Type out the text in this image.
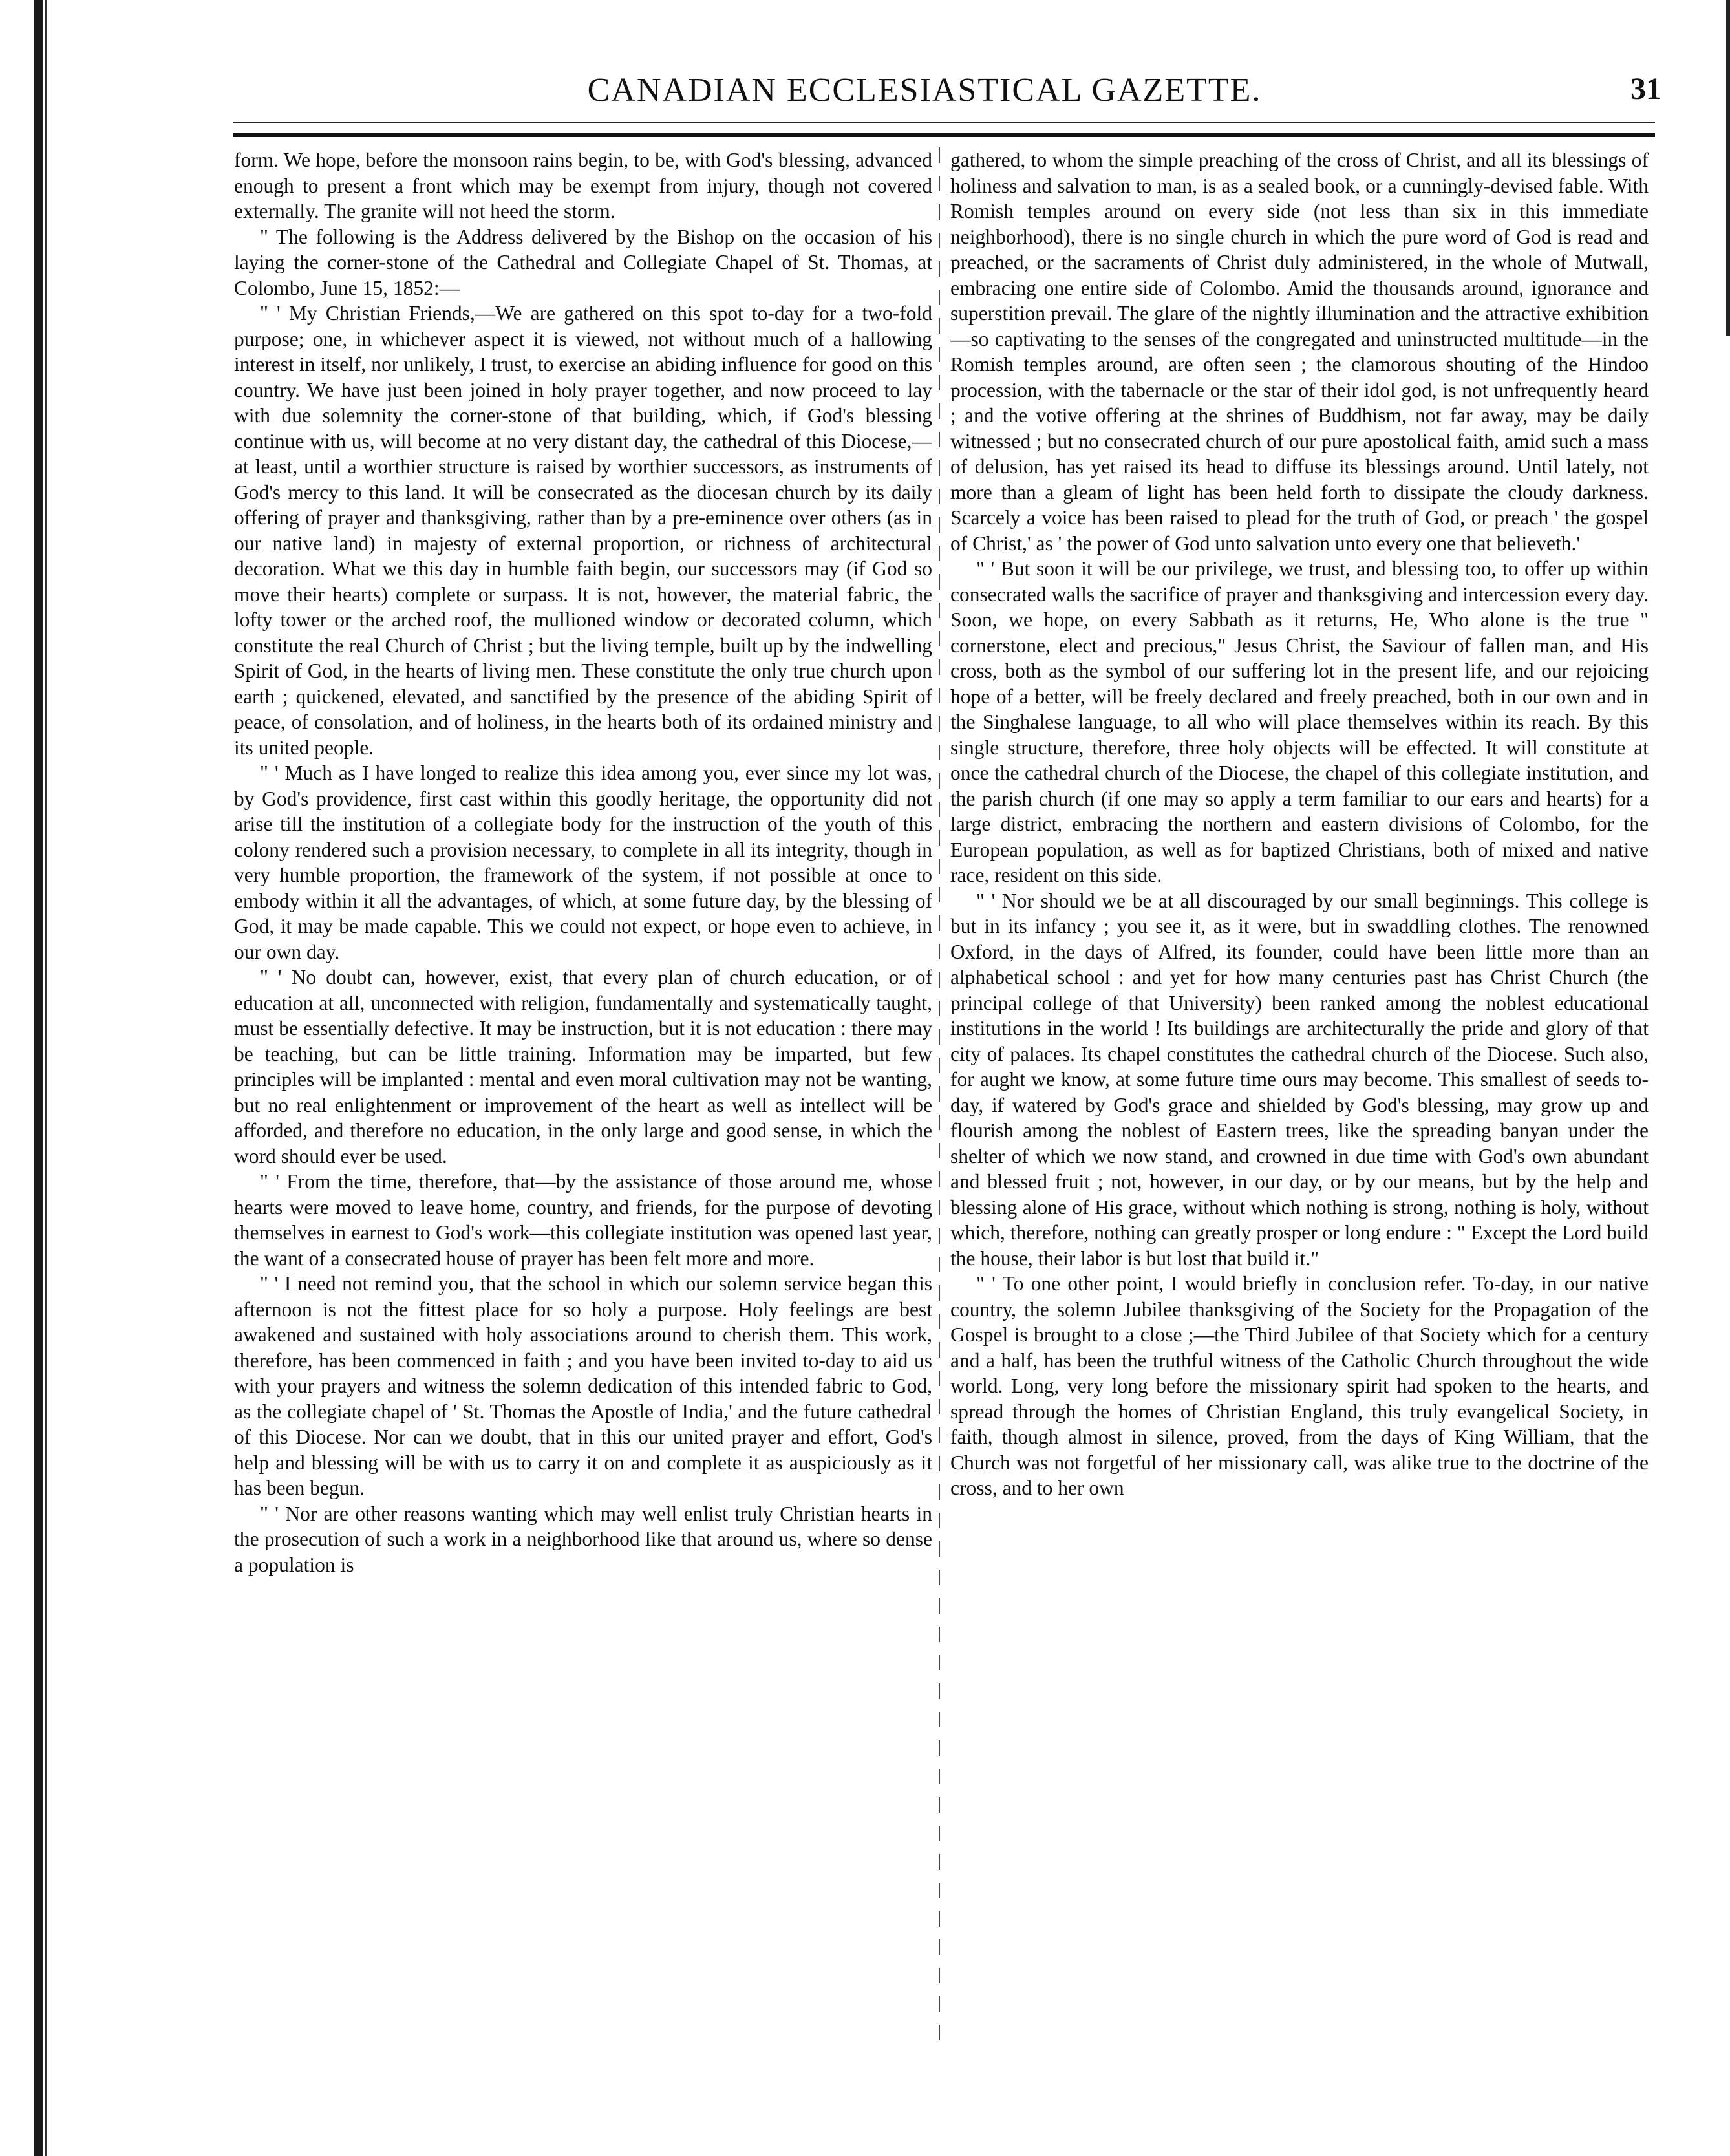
CANADIAN ECCLESIASTICAL GAZETTE.	31

form. We hope, before the monsoon rains begin, to be, with God's blessing, advanced enough to present a front which may be exempt from injury, though not covered externally. The granite will not heed the storm.

" The following is the Address delivered by the Bishop on the occasion of his laying the corner-stone of the Cathedral and Collegiate Chapel of St. Thomas, at Colombo, June 15, 1852:—

" ' My Christian Friends,—We are gathered on this spot to-day for a two-fold purpose; one, in whichever aspect it is viewed, not without much of a hallowing interest in itself, nor unlikely, I trust, to exercise an abiding influence for good on this country. We have just been joined in holy prayer together, and now proceed to lay with due solemnity the corner-stone of that building, which, if God's blessing continue with us, will become at no very distant day, the cathedral of this Diocese,—at least, until a worthier structure is raised by worthier successors, as instruments of God's mercy to this land. It will be consecrated as the diocesan church by its daily offering of prayer and thanksgiving, rather than by a pre-eminence over others (as in our native land) in majesty of external proportion, or richness of architectural decoration. What we this day in humble faith begin, our successors may (if God so move their hearts) complete or surpass. It is not, however, the material fabric, the lofty tower or the arched roof, the mullioned window or decorated column, which constitute the real Church of Christ ; but the living temple, built up by the indwelling Spirit of God, in the hearts of living men. These constitute the only true church upon earth ; quickened, elevated, and sanctified by the presence of the abiding Spirit of peace, of consolation, and of holiness, in the hearts both of its ordained ministry and its united people.

" ' Much as I have longed to realize this idea among you, ever since my lot was, by God's providence, first cast within this goodly heritage, the opportunity did not arise till the institution of a collegiate body for the instruction of the youth of this colony rendered such a provision necessary, to complete in all its integrity, though in very humble proportion, the framework of the system, if not possible at once to embody within it all the advantages, of which, at some future day, by the blessing of God, it may be made capable. This we could not expect, or hope even to achieve, in our own day.

" ' No doubt can, however, exist, that every plan of church education, or of education at all, unconnected with religion, fundamentally and systematically taught, must be essentially defective. It may be instruction, but it is not education : there may be teaching, but can be little training. Information may be imparted, but few principles will be implanted : mental and even moral cultivation may not be wanting, but no real enlightenment or improvement of the heart as well as intellect will be afforded, and therefore no education, in the only large and good sense, in which the word should ever be used.

" ' From the time, therefore, that—by the assistance of those around me, whose hearts were moved to leave home, country, and friends, for the purpose of devoting themselves in earnest to God's work—this collegiate institution was opened last year, the want of a consecrated house of prayer has been felt more and more.

" ' I need not remind you, that the school in which our solemn service began this afternoon is not the fittest place for so holy a purpose. Holy feelings are best awakened and sustained with holy associations around to cherish them. This work, therefore, has been commenced in faith ; and you have been invited to-day to aid us with your prayers and witness the solemn dedication of this intended fabric to God, as the collegiate chapel of ' St. Thomas the Apostle of India,' and the future cathedral of this Diocese. Nor can we doubt, that in this our united prayer and effort, God's help and blessing will be with us to carry it on and complete it as auspiciously as it has been begun.

" ' Nor are other reasons wanting which may well enlist truly Christian hearts in the prosecution of such a work in a neighborhood like that around us, where so dense a population is

gathered, to whom the simple preaching of the cross of Christ, and all its blessings of holiness and salvation to man, is as a sealed book, or a cunningly-devised fable. With Romish temples around on every side (not less than six in this immediate neighborhood), there is no single church in which the pure word of God is read and preached, or the sacraments of Christ duly administered, in the whole of Mutwall, embracing one entire side of Colombo. Amid the thousands around, ignorance and superstition prevail. The glare of the nightly illumination and the attractive exhibition—so captivating to the senses of the congregated and uninstructed multitude—in the Romish temples around, are often seen ; the clamorous shouting of the Hindoo procession, with the tabernacle or the star of their idol god, is not unfrequently heard ; and the votive offering at the shrines of Buddhism, not far away, may be daily witnessed ; but no consecrated church of our pure apostolical faith, amid such a mass of delusion, has yet raised its head to diffuse its blessings around. Until lately, not more than a gleam of light has been held forth to dissipate the cloudy darkness. Scarcely a voice has been raised to plead for the truth of God, or preach ' the gospel of Christ,' as ' the power of God unto salvation unto every one that believeth.'

" ' But soon it will be our privilege, we trust, and blessing too, to offer up within consecrated walls the sacrifice of prayer and thanksgiving and intercession every day. Soon, we hope, on every Sabbath as it returns, He, Who alone is the true " cornerstone, elect and precious," Jesus Christ, the Saviour of fallen man, and His cross, both as the symbol of our suffering lot in the present life, and our rejoicing hope of a better, will be freely declared and freely preached, both in our own and in the Singhalese language, to all who will place themselves within its reach. By this single structure, therefore, three holy objects will be effected. It will constitute at once the cathedral church of the Diocese, the chapel of this collegiate institution, and the parish church (if one may so apply a term familiar to our ears and hearts) for a large district, embracing the northern and eastern divisions of Colombo, for the European population, as well as for baptized Christians, both of mixed and native race, resident on this side.

" ' Nor should we be at all discouraged by our small beginnings. This college is but in its infancy ; you see it, as it were, but in swaddling clothes. The renowned Oxford, in the days of Alfred, its founder, could have been little more than an alphabetical school : and yet for how many centuries past has Christ Church (the principal college of that University) been ranked among the noblest educational institutions in the world ! Its buildings are architecturally the pride and glory of that city of palaces. Its chapel constitutes the cathedral church of the Diocese. Such also, for aught we know, at some future time ours may become. This smallest of seeds to-day, if watered by God's grace and shielded by God's blessing, may grow up and flourish among the noblest of Eastern trees, like the spreading banyan under the shelter of which we now stand, and crowned in due time with God's own abundant and blessed fruit ; not, however, in our day, or by our means, but by the help and blessing alone of His grace, without which nothing is strong, nothing is holy, without which, therefore, nothing can greatly prosper or long endure : " Except the Lord build the house, their labor is but lost that build it."

" ' To one other point, I would briefly in conclusion refer. To-day, in our native country, the solemn Jubilee thanksgiving of the Society for the Propagation of the Gospel is brought to a close ;—the Third Jubilee of that Society which for a century and a half, has been the truthful witness of the Catholic Church throughout the wide world. Long, very long before the missionary spirit had spoken to the hearts, and spread through the homes of Christian England, this truly evangelical Society, in faith, though almost in silence, proved, from the days of King William, that the Church was not forgetful of her missionary call, was alike true to the doctrine of the cross, and to her own
